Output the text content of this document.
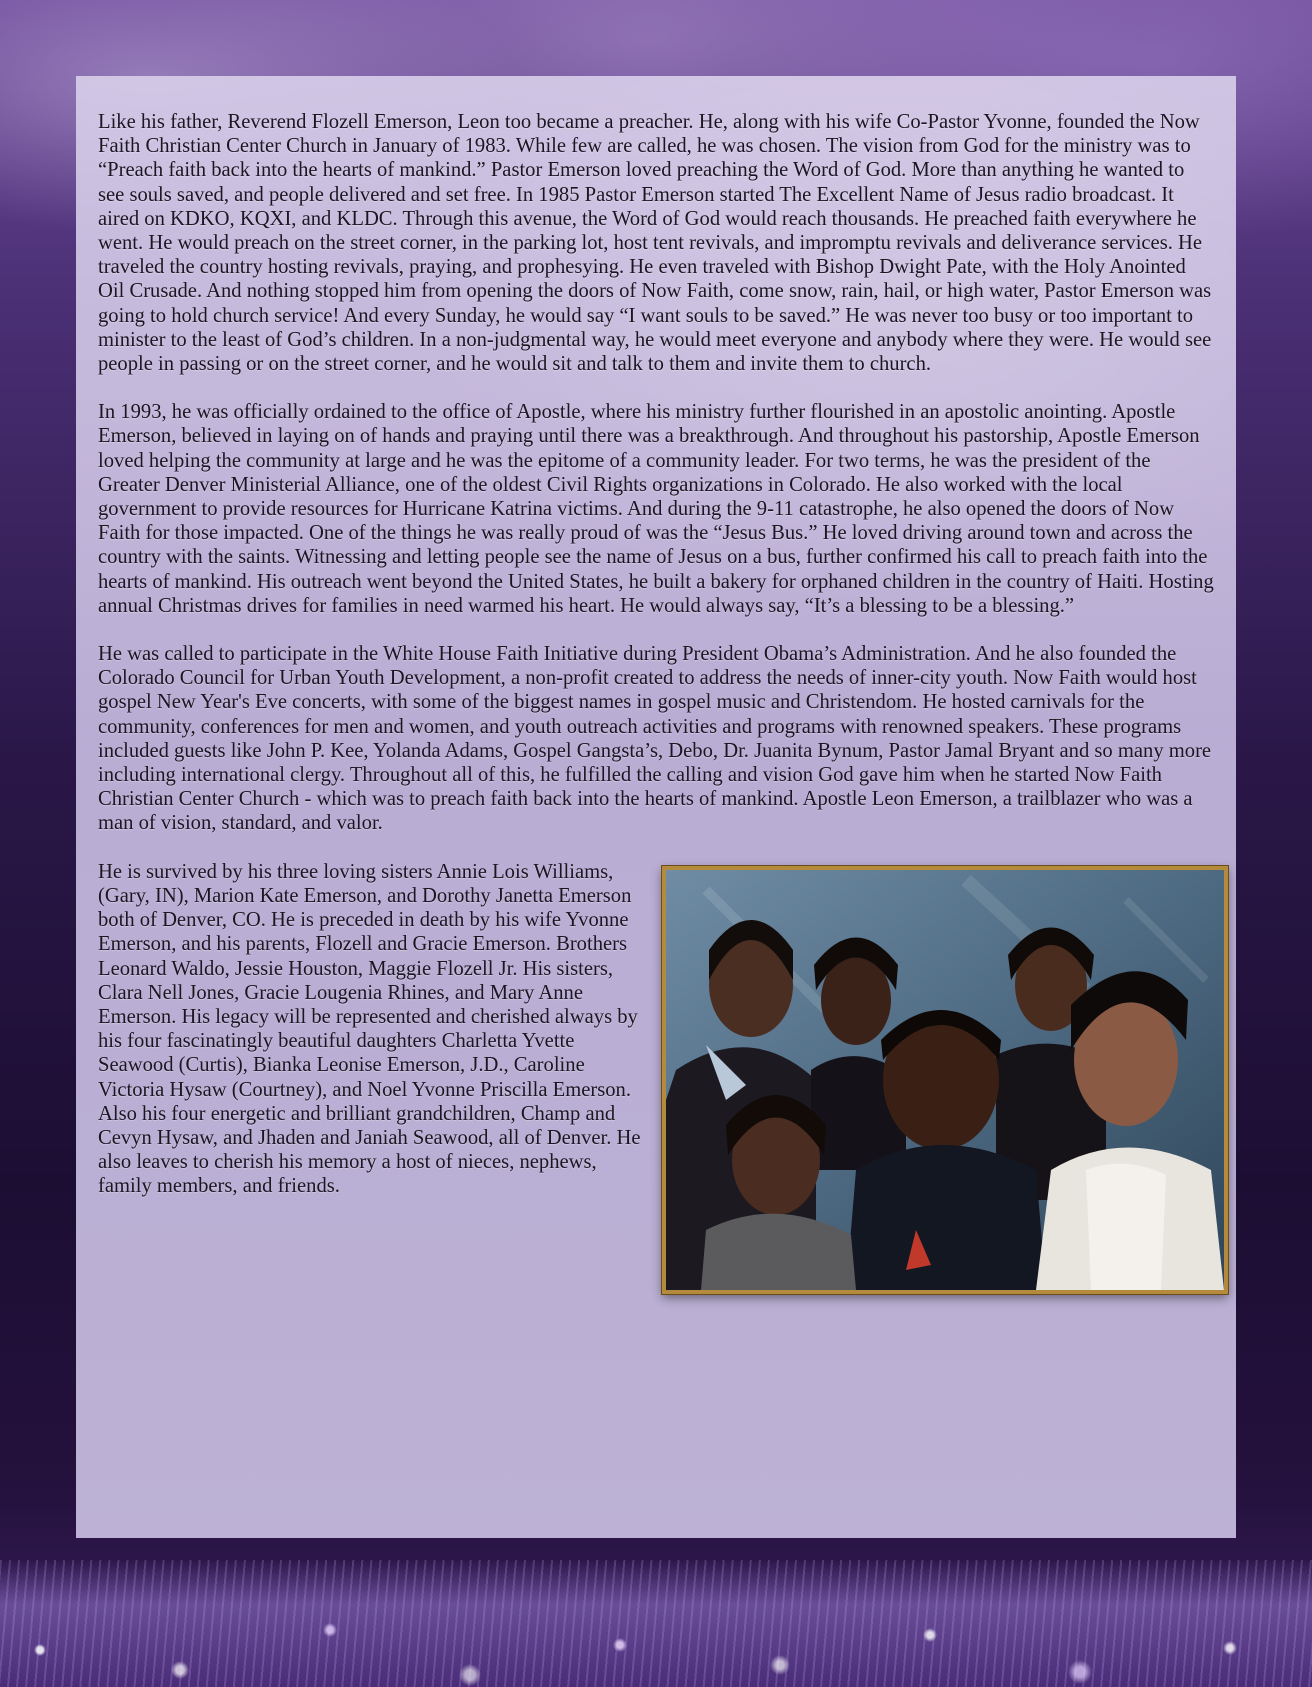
Like his father, Reverend Flozell Emerson, Leon too became a preacher. He, along with his wife Co-Pastor Yvonne, founded the Now Faith Christian Center Church in January of 1983. While few are called, he was chosen. The vision from God for the ministry was to “Preach faith back into the hearts of mankind.” Pastor Emerson loved preaching the Word of God. More than anything he wanted to see souls saved, and people delivered and set free. In 1985 Pastor Emerson started The Excellent Name of Jesus radio broadcast. It aired on KDKO, KQXI, and KLDC. Through this avenue, the Word of God would reach thousands. He preached faith everywhere he went. He would preach on the street corner, in the parking lot, host tent revivals, and impromptu revivals and deliverance services. He traveled the country hosting revivals, praying, and prophesying. He even traveled with Bishop Dwight Pate, with the Holy Anointed Oil Crusade. And nothing stopped him from opening the doors of Now Faith, come snow, rain, hail, or high water, Pastor Emerson was going to hold church service! And every Sunday, he would say “I want souls to be saved.” He was never too busy or too important to minister to the least of God’s children. In a non-judgmental way, he would meet everyone and anybody where they were. He would see people in passing or on the street corner, and he would sit and talk to them and invite them to church.

In 1993, he was officially ordained to the office of Apostle, where his ministry further flourished in an apostolic anointing. Apostle Emerson, believed in laying on of hands and praying until there was a breakthrough. And throughout his pastorship, Apostle Emerson loved helping the community at large and he was the epitome of a community leader. For two terms, he was the president of the Greater Denver Ministerial Alliance, one of the oldest Civil Rights organizations in Colorado. He also worked with the local government to provide resources for Hurricane Katrina victims. And during the 9-11 catastrophe, he also opened the doors of Now Faith for those impacted. One of the things he was really proud of was the “Jesus Bus.” He loved driving around town and across the country with the saints. Witnessing and letting people see the name of Jesus on a bus, further confirmed his call to preach faith into the hearts of mankind. His outreach went beyond the United States, he built a bakery for orphaned children in the country of Haiti. Hosting annual Christmas drives for families in need warmed his heart. He would always say, “It’s a blessing to be a blessing.”

He was called to participate in the White House Faith Initiative during President Obama’s Administration. And he also founded the Colorado Council for Urban Youth Development, a non-profit created to address the needs of inner-city youth. Now Faith would host gospel New Year's Eve concerts, with some of the biggest names in gospel music and Christendom. He hosted carnivals for the community, conferences for men and women, and youth outreach activities and programs with renowned speakers. These programs included guests like John P. Kee, Yolanda Adams, Gospel Gangsta’s, Debo, Dr. Juanita Bynum, Pastor Jamal Bryant and so many more including international clergy. Throughout all of this, he fulfilled the calling and vision God gave him when he started Now Faith Christian Center Church - which was to preach faith back into the hearts of mankind. Apostle Leon Emerson, a trailblazer who was a man of vision, standard, and valor.

He is survived by his three loving sisters Annie Lois Williams, (Gary, IN), Marion Kate Emerson, and Dorothy Janetta Emerson both of Denver, CO. He is preceded in death by his wife Yvonne Emerson, and his parents, Flozell and Gracie Emerson. Brothers Leonard Waldo, Jessie Houston, Maggie Flozell Jr. His sisters, Clara Nell Jones, Gracie Lougenia Rhines, and Mary Anne Emerson. His legacy will be represented and cherished always by his four fascinatingly beautiful daughters Charletta Yvette Seawood (Curtis), Bianka Leonise Emerson, J.D., Caroline Victoria Hysaw (Courtney), and Noel Yvonne Priscilla Emerson. Also his four energetic and brilliant grandchildren, Champ and Cevyn Hysaw, and Jhaden and Janiah Seawood, all of Denver. He also leaves to cherish his memory a host of nieces, nephews, family members, and friends.
